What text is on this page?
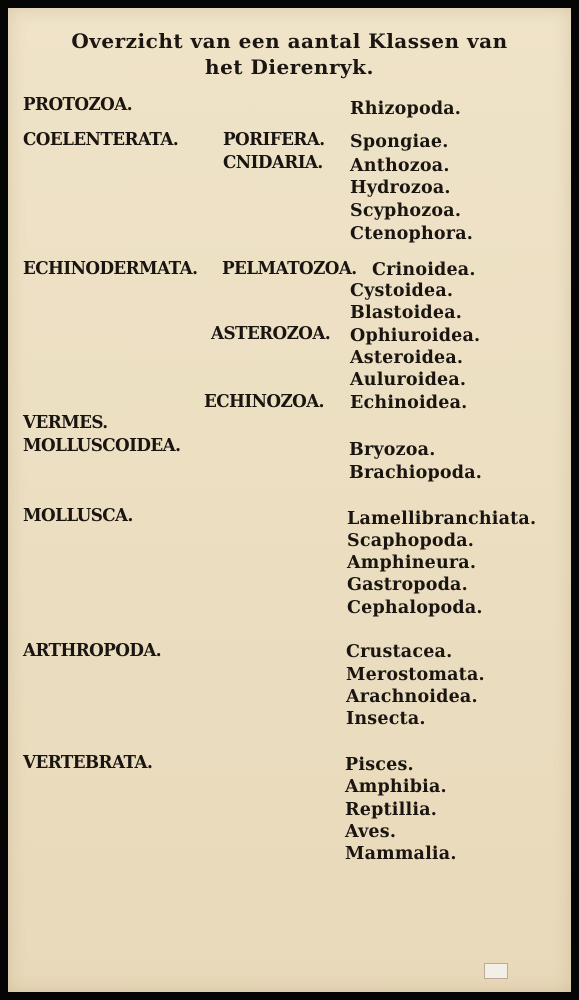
Overzicht van een aantal Klassen van
het Dierenryk.
PROTOZOA.
COELENTERATA.
ECHINODERMATA.
VERMES.
MOLLUSCOIDEA.
MOLLUSCA.
ARTHROPODA.
VERTEBRATA.
PORIFERA.
CNIDARIA.
PELMATOZOA.
ASTEROZOA.
ECHINOZOA.
Rhizopoda.
Spongiae.
Anthozoa.
Hydrozoa.
Scyphozoa.
Ctenophora.
Crinoidea.
Cystoidea.
Blastoidea.
Ophiuroidea.
Asteroidea.
Auluroidea.
Echinoidea.
Bryozoa.
Brachiopoda.
Lamellibranchiata.
Scaphopoda.
Amphineura.
Gastropoda.
Cephalopoda.
Crustacea.
Merostomata.
Arachnoidea.
Insecta.
Pisces.
Amphibia.
Reptillia.
Aves.
Mammalia.
